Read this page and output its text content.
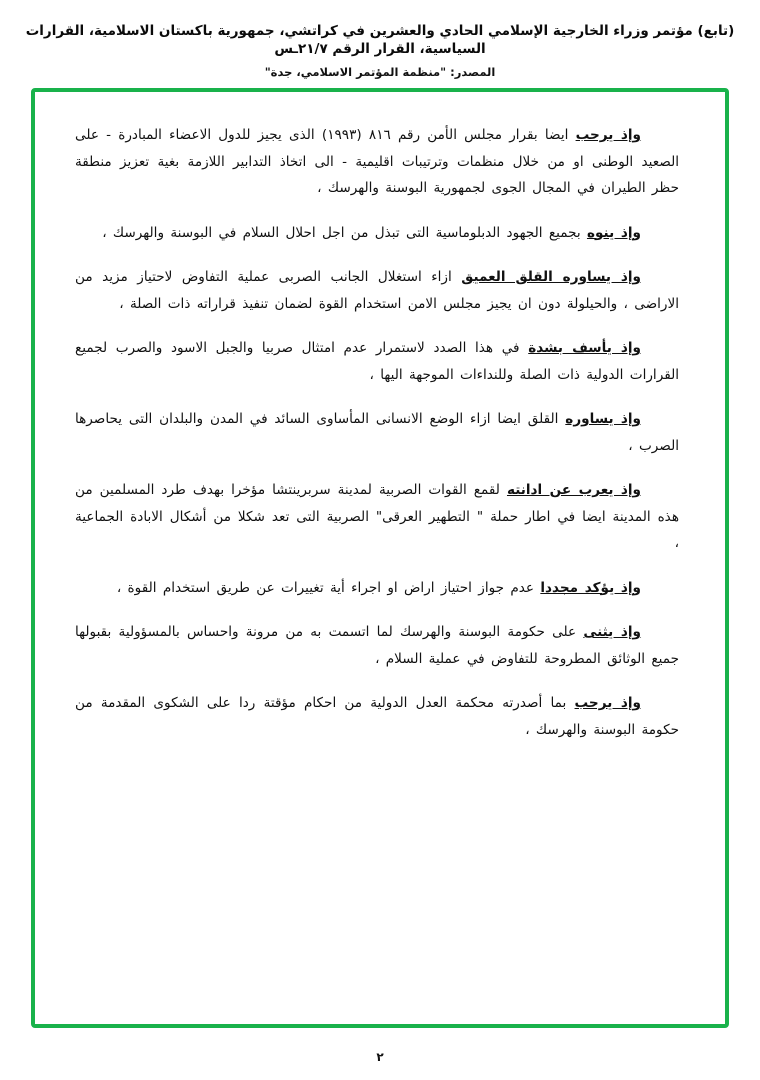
(تابع) مؤتمر وزراء الخارجية الإسلامي الحادي والعشرين في كراتشي، جمهورية باكستان الاسلامية، القرارات السياسية، القرار الرقم ٢١/٧ـس
المصدر: "منظمة المؤتمر الاسلامي، جدة"

وإذ يرحب ايضا بقرار مجلس الأمن رقم ٨١٦ (١٩٩٣) الذى يجيز للدول الاعضاء المبادرة - على الصعيد الوطنى او من خلال منظمات وترتيبات اقليمية - الى اتخاذ التدابير اللازمة بغية تعزيز منطقة حظر الطيران في المجال الجوى لجمهورية البوسنة والهرسك ،

وإذ ينوه بجميع الجهود الدبلوماسية التى تبذل من اجل احلال السلام في البوسنة والهرسك ،

وإذ يساوره القلق العميق ازاء استغلال الجانب الصربى عملية التفاوض لاحتياز مزيد من الاراضى ، والحيلولة دون ان يجيز مجلس الامن استخدام القوة لضمان تنفيذ قراراته ذات الصلة ،

وإذ يأسف بشدة في هذا الصدد لاستمرار عدم امتثال صربيا والجبل الاسود والصرب لجميع القرارات الدولية ذات الصلة وللنداءات الموجهة اليها ،

وإذ يساوره القلق ايضا ازاء الوضع الانسانى المأساوى السائد في المدن والبلدان التى يحاصرها الصرب ،

وإذ يعرب عن ادانته لقمع القوات الصربية لمدينة سربرينتشا مؤخرا بهدف طرد المسلمين من هذه المدينة ايضا في اطار حملة " التطهير العرقى" الصربية التى تعد شكلا من أشكال الابادة الجماعية ،

وإذ يؤكد مجددا عدم جواز احتياز اراض او اجراء أية تغييرات عن طريق استخدام القوة ،

وإذ يثنى على حكومة البوسنة والهرسك لما اتسمت به من مرونة واحساس بالمسؤولية بقبولها جميع الوثائق المطروحة للتفاوض في عملية السلام ،

وإذ يرحب بما أصدرته محكمة العدل الدولية من احكام مؤقتة ردا على الشكوى المقدمة من حكومة البوسنة والهرسك ،

٢
